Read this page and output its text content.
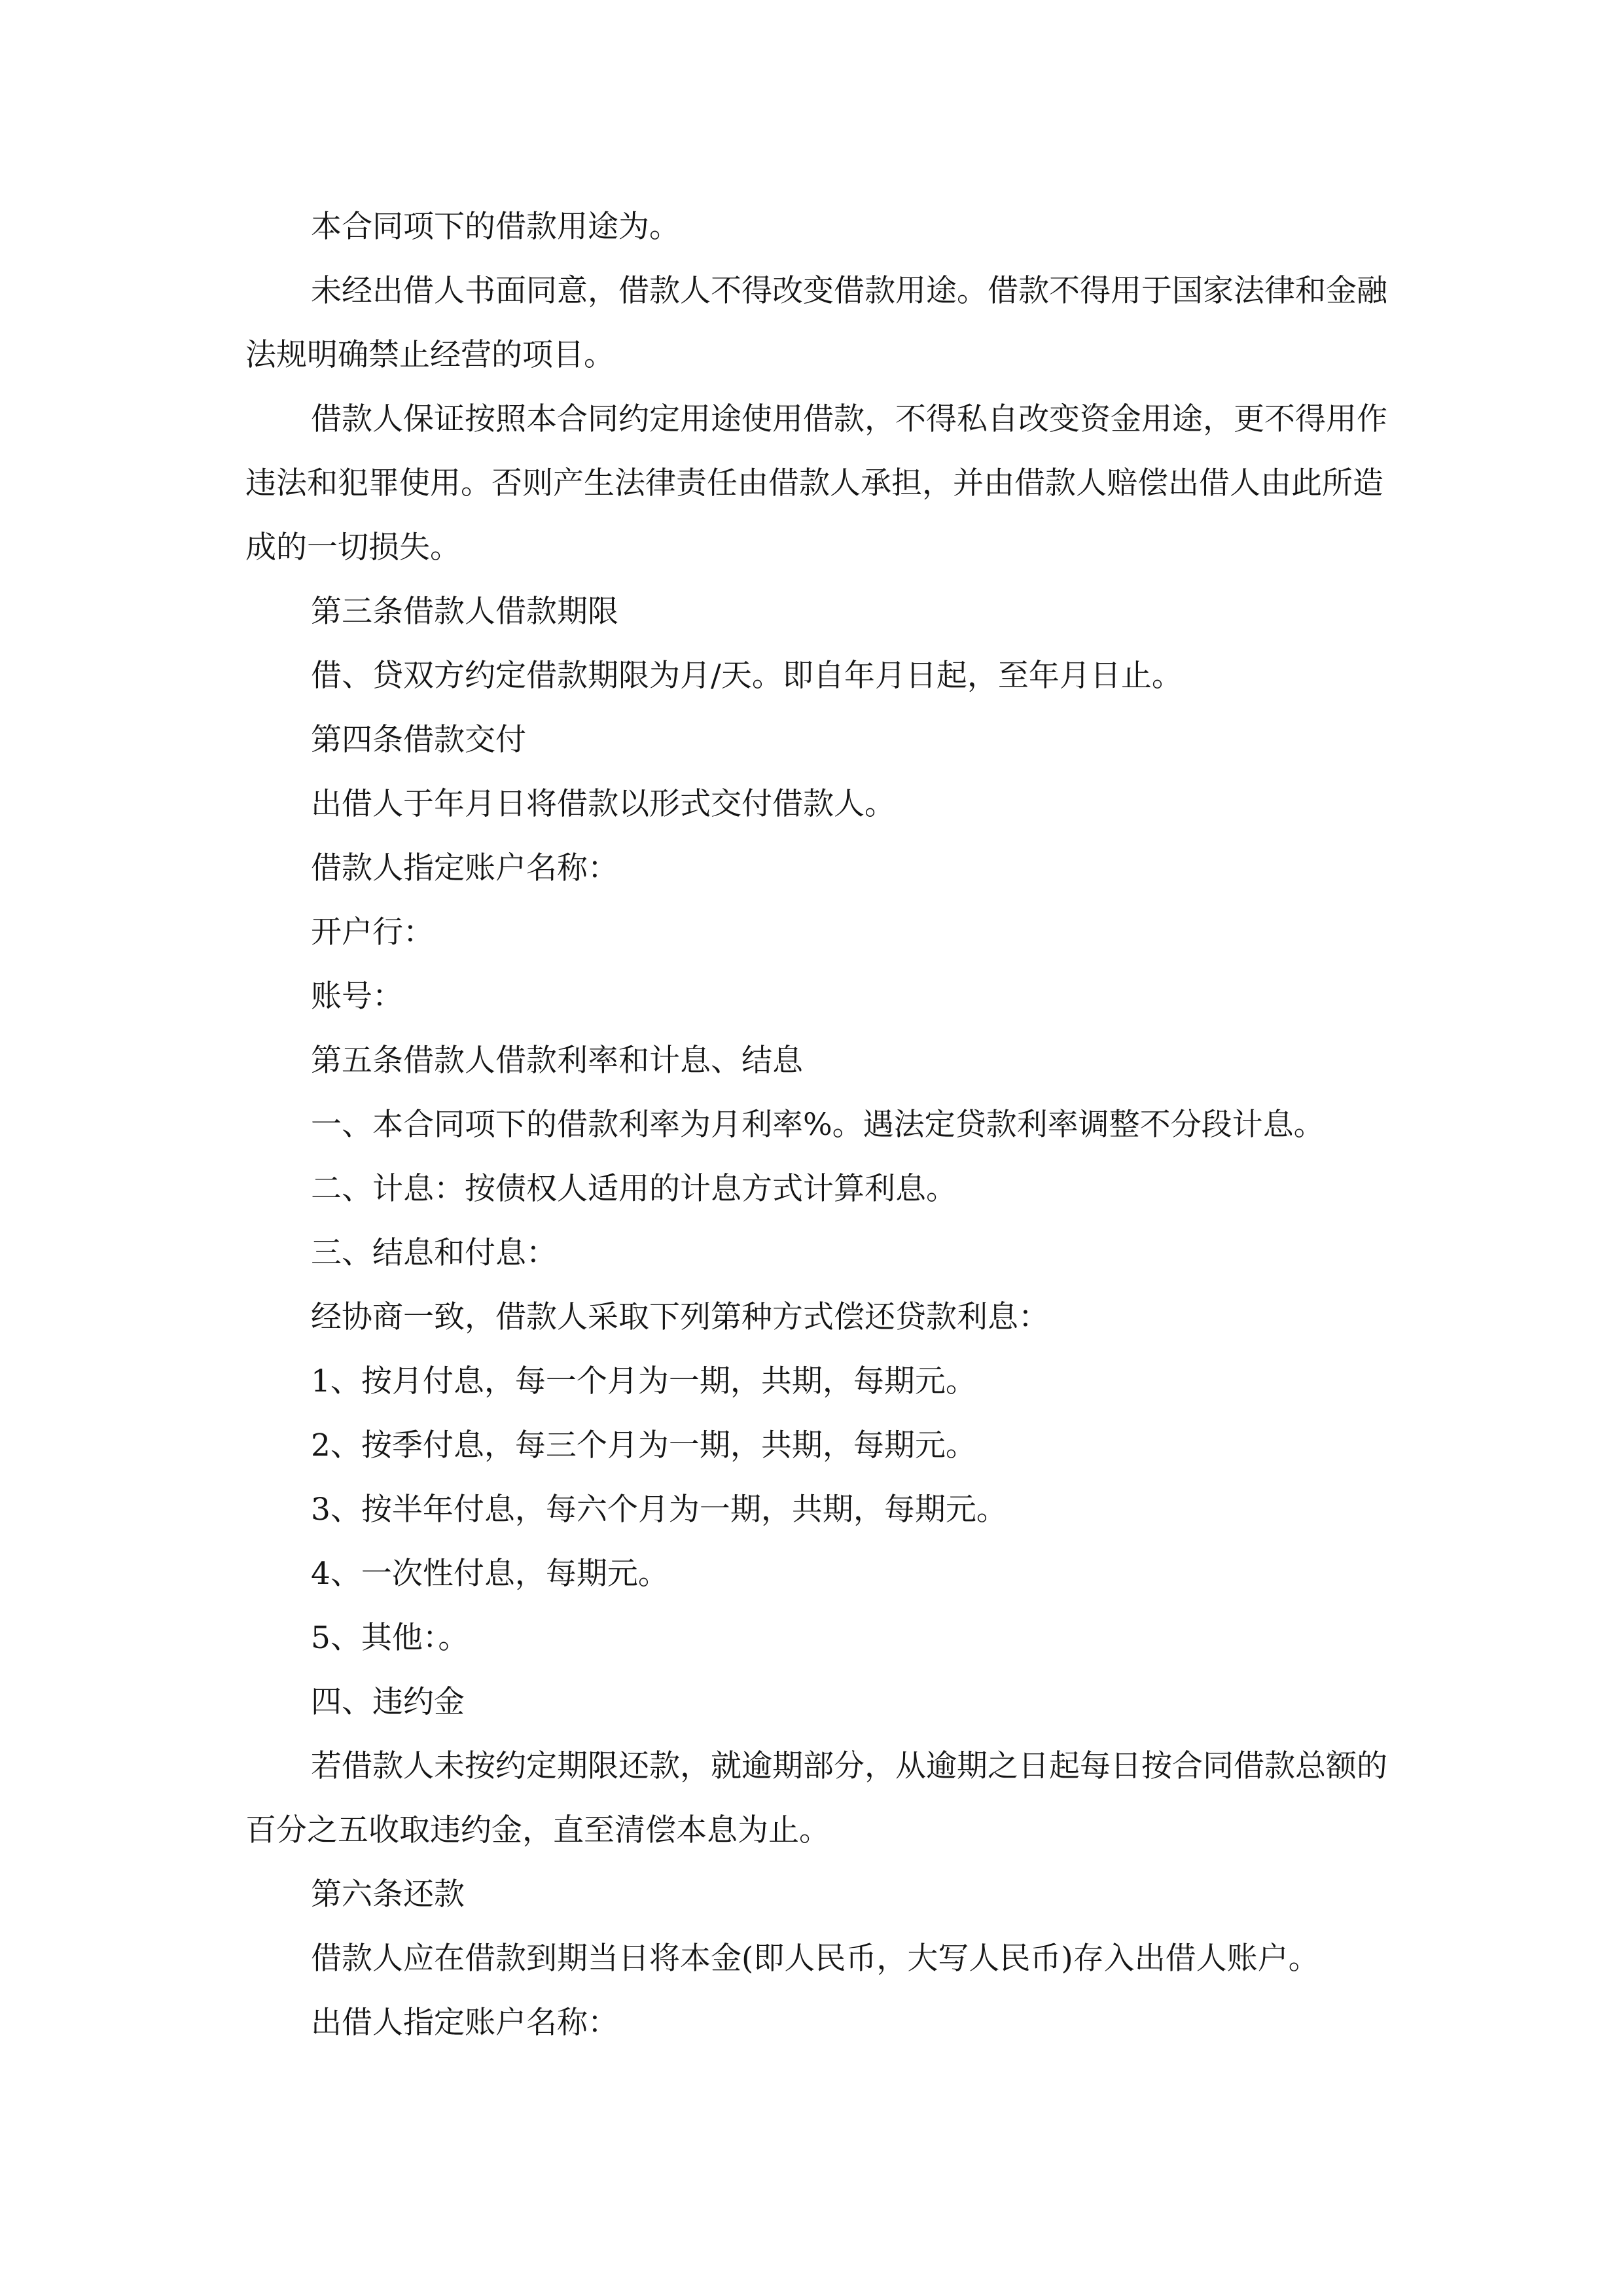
本合同项下的借款用途为。

未经出借人书面同意，借款人不得改变借款用途。借款不得用于国家法律和金融法规明确禁止经营的项目。

借款人保证按照本合同约定用途使用借款，不得私自改变资金用途，更不得用作违法和犯罪使用。否则产生法律责任由借款人承担，并由借款人赔偿出借人由此所造成的一切损失。

第三条借款人借款期限

借、贷双方约定借款期限为月/天。即自年月日起，至年月日止。

第四条借款交付

出借人于年月日将借款以形式交付借款人。

借款人指定账户名称：

开户行：

账号：

第五条借款人借款利率和计息、结息

一、本合同项下的借款利率为月利率%。遇法定贷款利率调整不分段计息。

二、计息：按债权人适用的计息方式计算利息。

三、结息和付息：

经协商一致，借款人采取下列第种方式偿还贷款利息：

1、按月付息，每一个月为一期，共期，每期元。

2、按季付息，每三个月为一期，共期，每期元。

3、按半年付息，每六个月为一期，共期，每期元。

4、一次性付息，每期元。

5、其他：。

四、违约金

若借款人未按约定期限还款，就逾期部分，从逾期之日起每日按合同借款总额的百分之五收取违约金，直至清偿本息为止。

第六条还款

借款人应在借款到期当日将本金(即人民币，大写人民币)存入出借人账户。

出借人指定账户名称：
